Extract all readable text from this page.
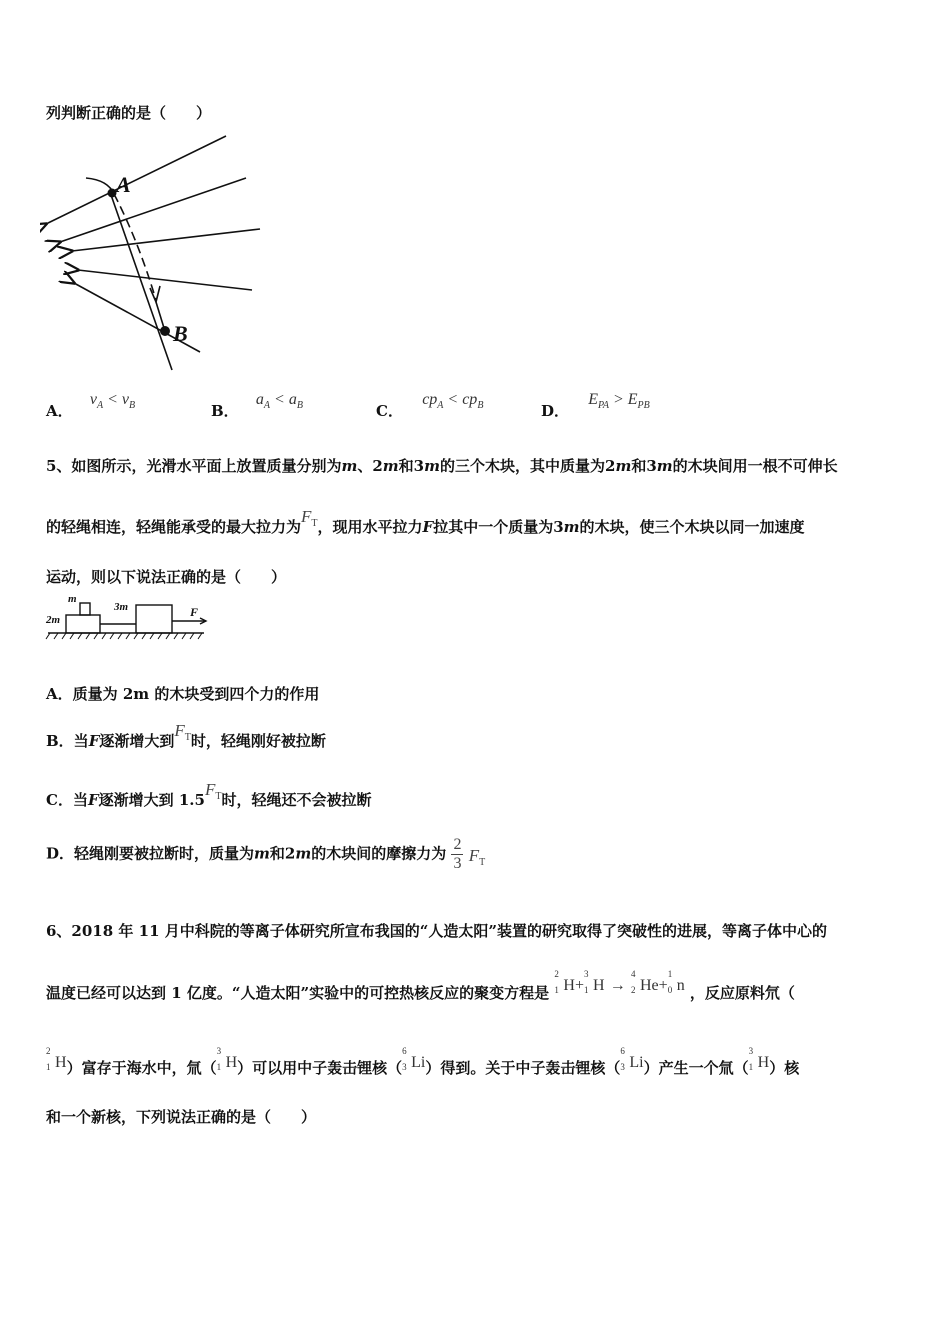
列判断正确的是（　　）
A
B
A． $v_A < v_B$	B． $a_A < a_B$	C． $cp_A < cp_B$	D． $E_{PA} > E_{PB}$
5、如图所示，光滑水平面上放置质量分别为m、2m和3m的三个木块，其中质量为2m和3m的木块间用一根不可伸长
的轻绳相连，轻绳能承受的最大拉力为$F_T$，现用水平拉力F拉其中一个质量为3m的木块，使三个木块以同一加速度
运动，则以下说法正确的是（　　）
m
2m
3m	F
A．质量为 2m 的木块受到四个力的作用
B．当F逐渐增大到$F_T$时，轻绳刚好被拉断
C．当F逐渐增大到 $1.5F_T$时，轻绳还不会被拉断
D．轻绳刚要被拉断时，质量为m和2m的木块间的摩擦力为 $\frac{2}{3} F_T$
6、2018 年 11 月中科院的等离子体研究所宣布我国的“人造太阳”装置的研究取得了突破性的进展，等离子体中心的
温度已经可以达到 1 亿度。“人造太阳”实验中的可控热核反应的聚变方程是
2
1 H+
3
1 H →
4
2 He+
1
0 n ，反应原料氘（
2
1 H）富存于海水中，氚（
3
1 H）可以用中子轰击锂核（
6
3 Li）得到。关于中子轰击锂核（
6
3 Li）产生一个氚（
3
1 H）核
和一个新核，下列说法正确的是（　　）
